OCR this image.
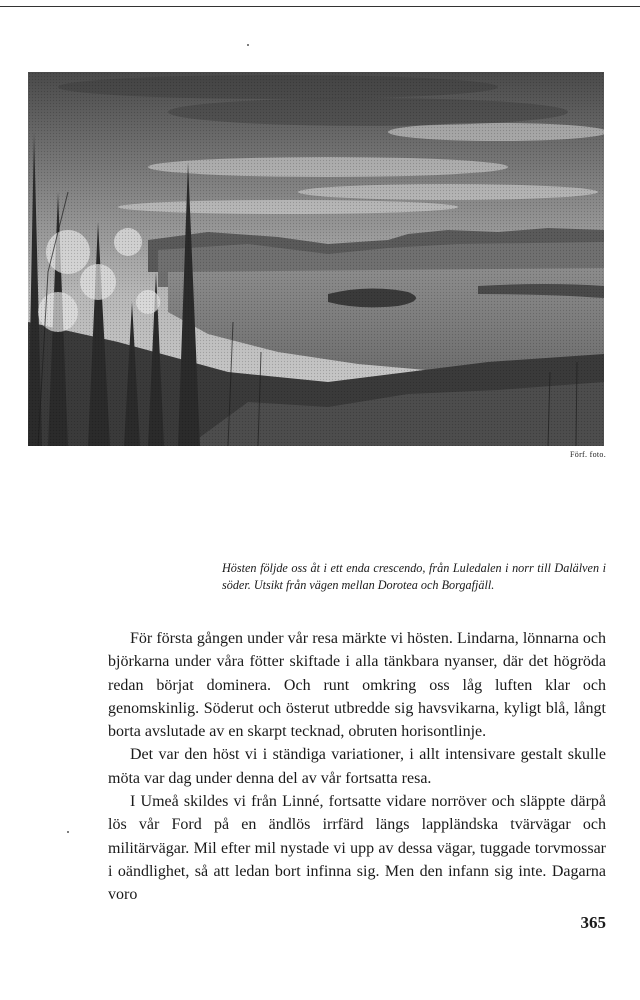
Förf. foto.
Hösten följde oss åt i ett enda crescendo, från Luledalen i norr till Dalälven i söder. Utsikt från vägen mellan Dorotea och Borgafjäll.

För första gången under vår resa märkte vi hösten. Lindarna, lönnarna och björkarna under våra fötter skiftade i alla tänkbara nyanser, där det högröda redan börjat dominera. Och runt omkring oss låg luften klar och genomskinlig. Söderut och österut utbredde sig havsvikarna, kyligt blå, långt borta avslutade av en skarpt tecknad, obruten horisontlinje.

Det var den höst vi i ständiga variationer, i allt intensivare gestalt skulle möta var dag under denna del av vår fortsatta resa.

I Umeå skildes vi från Linné, fortsatte vidare norröver och släppte därpå lös vår Ford på en ändlös irrfärd längs lappländska tvärvägar och militärvägar. Mil efter mil nystade vi upp av dessa vägar, tuggade torvmossar i oändlighet, så att ledan bort infinna sig. Men den infann sig inte. Dagarna voro

365
